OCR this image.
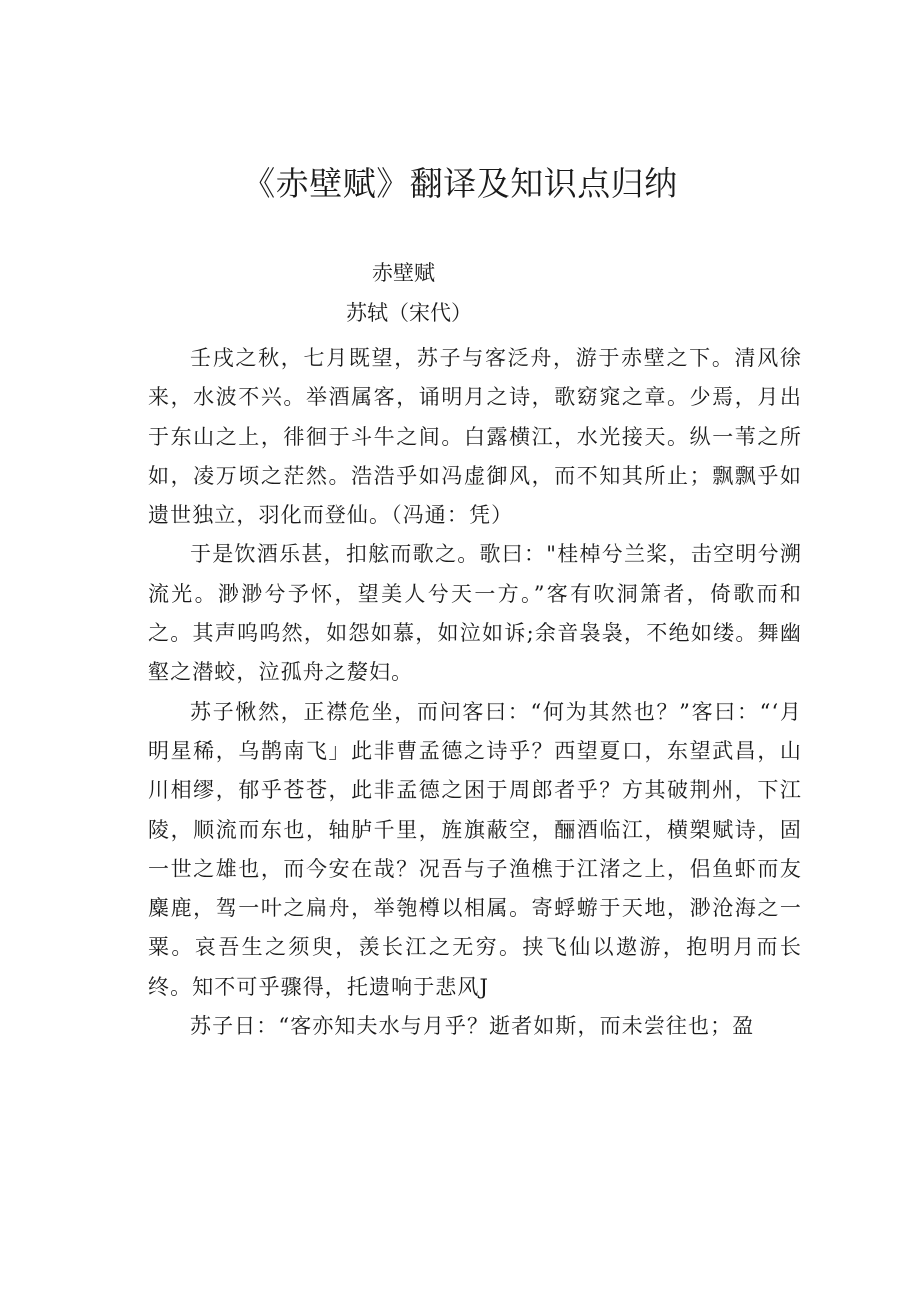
《赤壁赋》翻译及知识点归纳
赤壁赋
苏轼（宋代）

壬戌之秋，七月既望，苏子与客泛舟，游于赤壁之下。清风徐来，水波不兴。举酒属客，诵明月之诗，歌窈窕之章。少焉，月出于东山之上，徘徊于斗牛之间。白露横江，水光接天。纵一苇之所如，凌万顷之茫然。浩浩乎如冯虚御风，而不知其所止；飘飘乎如遗世独立，羽化而登仙。（冯通：凭）

于是饮酒乐甚，扣舷而歌之。歌曰："桂棹兮兰桨，击空明兮溯流光。渺渺兮予怀，望美人兮天一方。”客有吹洞箫者，倚歌而和之。其声呜呜然，如怨如慕，如泣如诉;余音袅袅，不绝如缕。舞幽壑之潜蛟，泣孤舟之嫠妇。

苏子愀然，正襟危坐，而问客曰：“何为其然也？”客曰：“‘月明星稀，乌鹊南飞」此非曹孟德之诗乎？西望夏口，东望武昌，山川相缪，郁乎苍苍，此非孟德之困于周郎者乎？方其破荆州，下江陵，顺流而东也，轴胪千里，旌旗蔽空，酾酒临江，横槊赋诗，固一世之雄也，而今安在哉？况吾与子渔樵于江渚之上，侣鱼虾而友麋鹿，驾一叶之扁舟，举匏樽以相属。寄蜉蝣于天地，渺沧海之一粟。哀吾生之须臾，羡长江之无穷。挟飞仙以遨游，抱明月而长终。知不可乎骤得，托遗响于悲风J

苏子日：“客亦知夫水与月乎？逝者如斯，而未尝往也；盈
